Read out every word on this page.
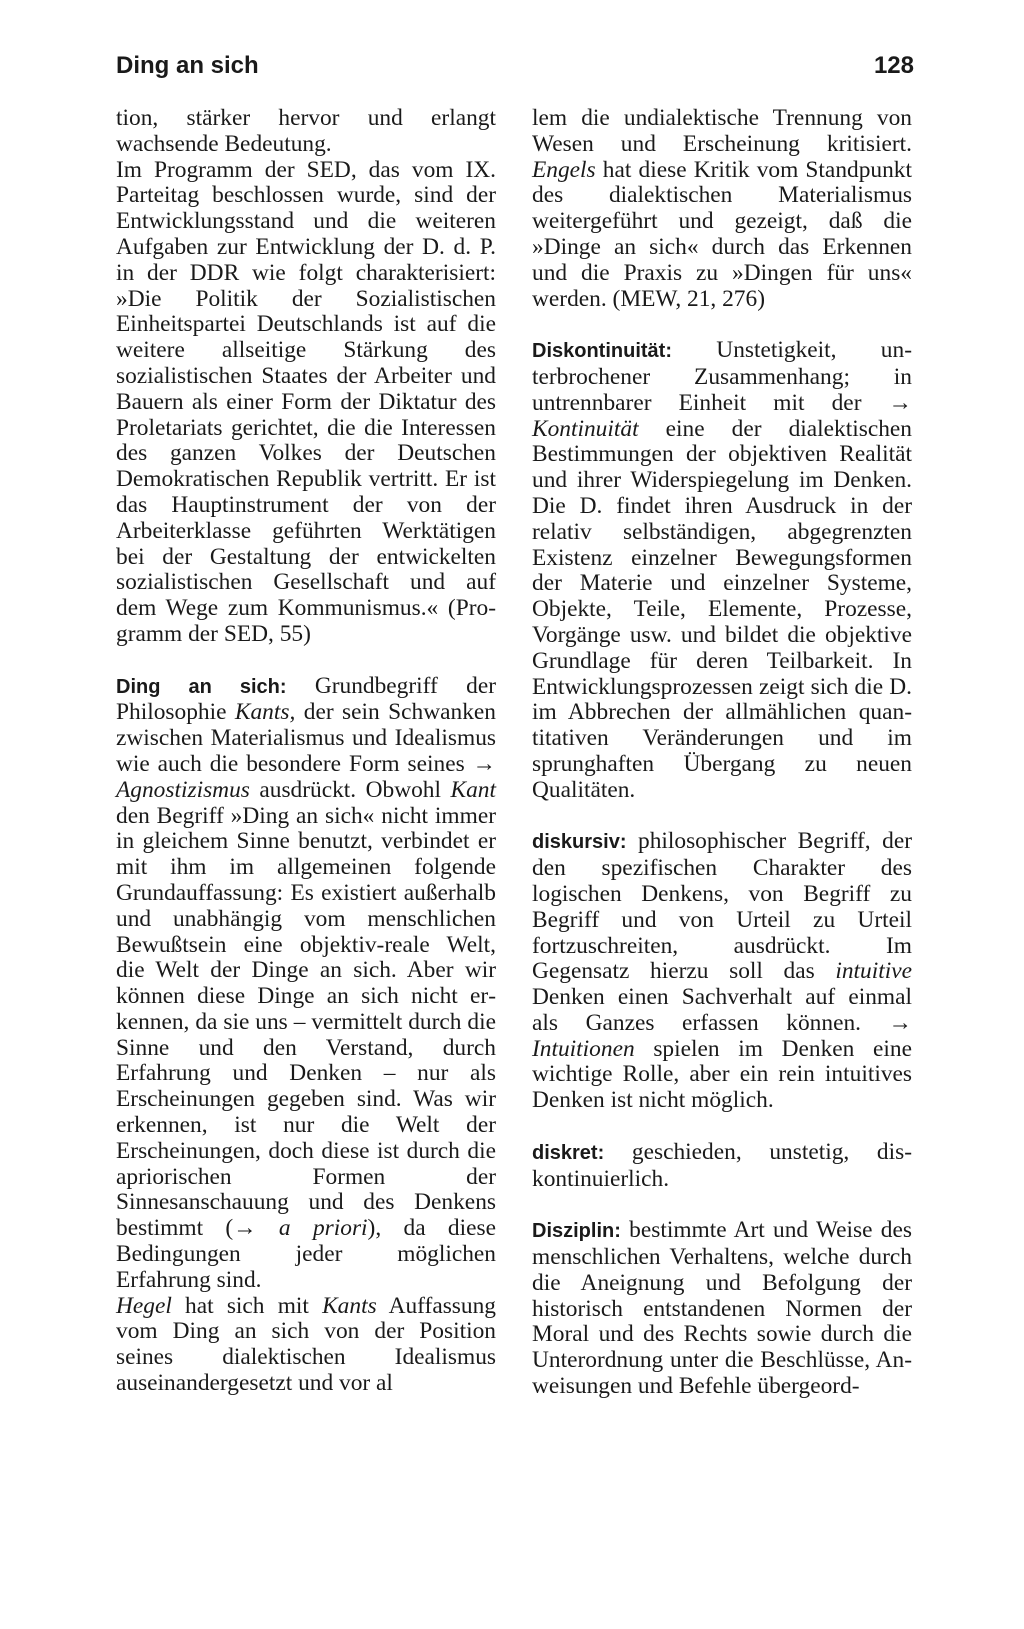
Ding an sich	128

tion, stärker hervor und erlangt wachsende Bedeutung.

Im Programm der SED, das vom IX. Parteitag beschlossen wurde, sind der Entwicklungsstand und die weiteren Aufgaben zur Entwicklung der D. d. P. in der DDR wie folgt charakterisiert: »Die Politik der Sozialistischen Einheitspartei Deutschlands ist auf die weitere allseitige Stärkung des sozialistischen Staates der Arbeiter und Bauern als einer Form der Diktatur des Proletariats gerichtet, die die Interessen des ganzen Volkes der Deutschen Demokratischen Republik vertritt. Er ist das Hauptinstrument der von der Arbeiterklasse geführten Werktätigen bei der Gestaltung der entwickelten sozialistischen Gesellschaft und auf dem Wege zum Kommunismus.« (Programm der SED, 55)

Ding an sich: Grundbegriff der Philosophie Kants, der sein Schwanken zwischen Materialismus und Idealismus wie auch die besondere Form seines → Agnostizismus ausdrückt. Obwohl Kant den Begriff »Ding an sich« nicht immer in gleichem Sinne benutzt, verbindet er mit ihm im allgemeinen folgende Grundauffassung: Es existiert außerhalb und unabhängig vom menschlichen Bewußtsein eine objektiv-reale Welt, die Welt der Dinge an sich. Aber wir können diese Dinge an sich nicht erkennen, da sie uns – vermittelt durch die Sinne und den Verstand, durch Erfahrung und Denken – nur als Erscheinungen gegeben sind. Was wir erkennen, ist nur die Welt der Erscheinungen, doch diese ist durch die apriorischen Formen der Sinnesanschauung und des Denkens bestimmt (→ a priori), da diese Bedingungen jeder möglichen Erfahrung sind.

Hegel hat sich mit Kants Auffassung vom Ding an sich von der Position seines dialektischen Idealismus auseinandergesetzt und vor al

lem die undialektische Trennung von Wesen und Erscheinung kritisiert. Engels hat diese Kritik vom Standpunkt des dialektischen Materialismus weitergeführt und gezeigt, daß die »Dinge an sich« durch das Erkennen und die Praxis zu »Dingen für uns« werden. (MEW, 21, 276)

Diskontinuität: Unstetigkeit, unterbrochener Zusammenhang; in untrennbarer Einheit mit der → Kontinuität eine der dialektischen Bestimmungen der objektiven Realität und ihrer Widerspiegelung im Denken. Die D. findet ihren Ausdruck in der relativ selbständigen, abgegrenzten Existenz einzelner Bewegungsformen der Materie und einzelner Systeme, Objekte, Teile, Elemente, Prozesse, Vorgänge usw. und bildet die objektive Grundlage für deren Teilbarkeit. In Entwicklungsprozessen zeigt sich die D. im Abbrechen der allmählichen quantitativen Veränderungen und im sprunghaften Übergang zu neuen Qualitäten.

diskursiv: philosophischer Begriff, der den spezifischen Charakter des logischen Denkens, von Begriff zu Begriff und von Urteil zu Urteil fortzuschreiten, ausdrückt. Im Gegensatz hierzu soll das intuitive Denken einen Sachverhalt auf einmal als Ganzes erfassen können. → Intuitionen spielen im Denken eine wichtige Rolle, aber ein rein intuitives Denken ist nicht möglich.

diskret: geschieden, unstetig, diskontinuierlich.

Disziplin: bestimmte Art und Weise des menschlichen Verhaltens, welche durch die Aneignung und Befolgung der historisch entstandenen Normen der Moral und des Rechts sowie durch die Unterordnung unter die Beschlüsse, Anweisungen und Befehle übergeord-
